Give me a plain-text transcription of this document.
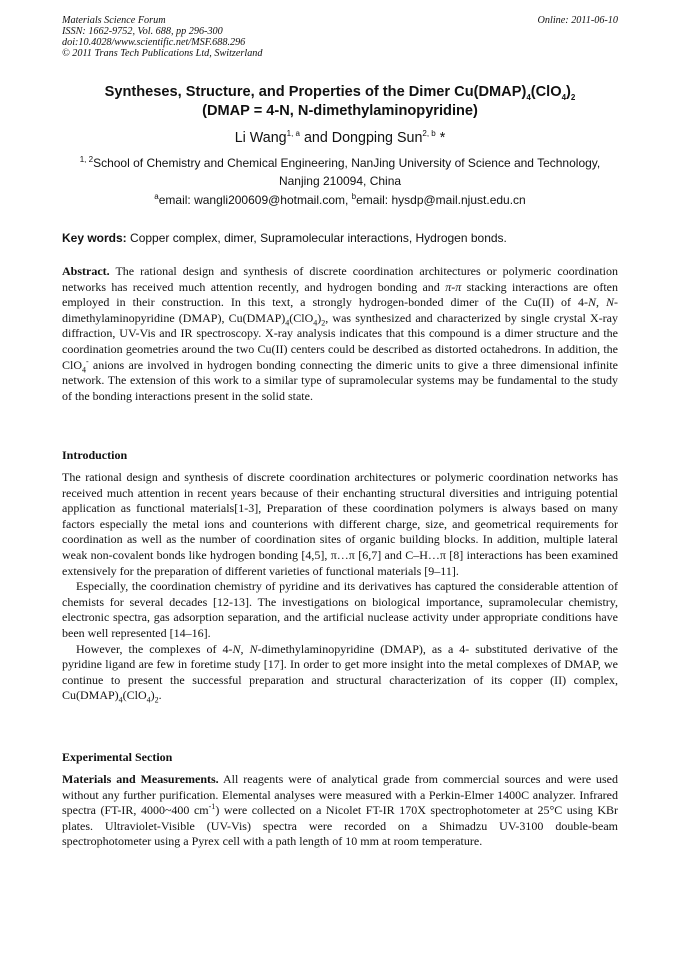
Materials Science Forum
ISSN: 1662-9752, Vol. 688, pp 296-300
doi:10.4028/www.scientific.net/MSF.688.296
© 2011 Trans Tech Publications Ltd, Switzerland
Online: 2011-06-10
Syntheses, Structure, and Properties of the Dimer $Cu(DMAP)_4(ClO_4)_2$
(DMAP = 4-N, N-dimethylaminopyridine)
Li Wang$^{1, a}$ and Dongping Sun$^{2, b}$ *
$^{1, 2}$School of Chemistry and Chemical Engineering, NanJing University of Science and Technology, Nanjing 210094, China
$^a$email: wangli200609@hotmail.com, $^b$email: hysdp@mail.njust.edu.cn
Key words: Copper complex, dimer, Supramolecular interactions, Hydrogen bonds.
Abstract. The rational design and synthesis of discrete coordination architectures or polymeric coordination networks has received much attention recently, and hydrogen bonding and π-π stacking interactions are often employed in their construction. In this text, a strongly hydrogen-bonded dimer of the Cu(II) of 4-N, N-dimethylaminopyridine (DMAP), $Cu(DMAP)_4(ClO_4)_2$, was synthesized and characterized by single crystal X-ray diffraction, UV-Vis and IR spectroscopy. X-ray analysis indicates that this compound is a dimer structure and the coordination geometries around the two Cu(II) centers could be described as distorted octahedrons. In addition, the ClO$_4$- anions are involved in hydrogen bonding connecting the dimeric units to give a three dimensional infinite network. The extension of this work to a similar type of supramolecular systems may be fundamental to the study of the bonding interactions present in the solid state.
Introduction

The rational design and synthesis of discrete coordination architectures or polymeric coordination networks has received much attention in recent years because of their enchanting structural diversities and intriguing potential application as functional materials[1-3], Preparation of these coordination polymers is always based on many factors especially the metal ions and counterions with different charge, size, and geometrical requirements for coordination as well as the number of coordination sites of organic building blocks. In addition, multiple lateral weak non-covalent bonds like hydrogen bonding [4,5], π…π [6,7] and C–H…π [8] interactions has been examined extensively for the preparation of different varieties of functional materials [9–11].

Especially, the coordination chemistry of pyridine and its derivatives has captured the considerable attention of chemists for several decades [12-13]. The investigations on biological importance, supramolecular chemistry, electronic spectra, gas adsorption separation, and the artificial nuclease activity under appropriate conditions have been well represented [14–16].

However, the complexes of 4-N, N-dimethylaminopyridine (DMAP), as a 4- substituted derivative of the pyridine ligand are few in foretime study [17]. In order to get more insight into the metal complexes of DMAP, we continue to present the successful preparation and structural characterization of its copper (II) complex, $Cu(DMAP)_4(ClO_4)_2$.

Experimental Section
Materials and Measurements. All reagents were of analytical grade from commercial sources and were used without any further purification. Elemental analyses were measured with a Perkin-Elmer 1400C analyzer. Infrared spectra (FT-IR, 4000~400 $cm^{-1}$) were collected on a Nicolet FT-IR 170X spectrophotometer at 25°C using KBr plates. Ultraviolet-Visible (UV-Vis) spectra were recorded on a Shimadzu UV-3100 double-beam spectrophotometer using a Pyrex cell with a path length of 10 mm at room temperature.
